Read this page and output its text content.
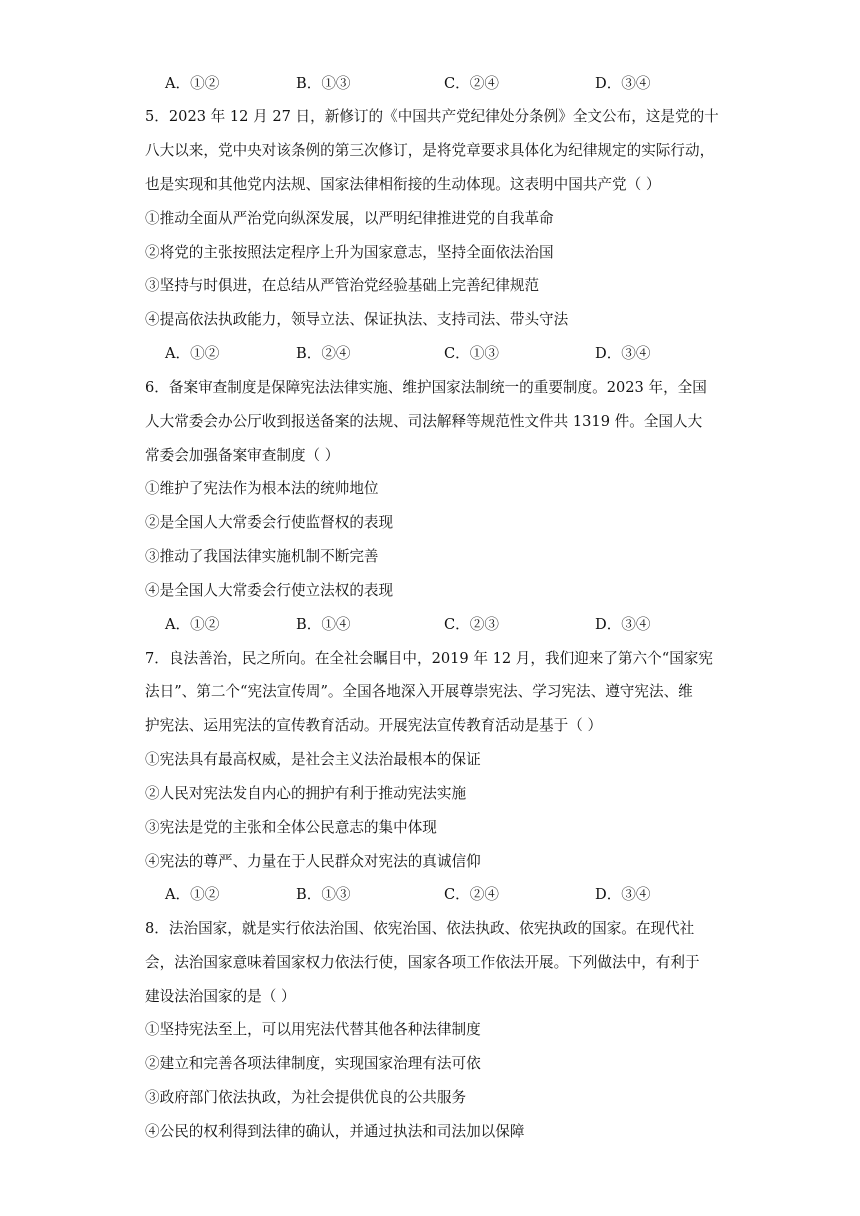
A．①②	B．①③	C．②④	D．③④
5．2023 年 12 月 27 日，新修订的《中国共产党纪律处分条例》全文公布，这是党的十
八大以来，党中央对该条例的第三次修订，是将党章要求具体化为纪律规定的实际行动，
也是实现和其他党内法规、国家法律相衔接的生动体现。这表明中国共产党（ ）
①推动全面从严治党向纵深发展，以严明纪律推进党的自我革命
②将党的主张按照法定程序上升为国家意志，坚持全面依法治国
③坚持与时俱进，在总结从严管治党经验基础上完善纪律规范
④提高依法执政能力，领导立法、保证执法、支持司法、带头守法
A．①②	B．②④	C．①③	D．③④
6．备案审查制度是保障宪法法律实施、维护国家法制统一的重要制度。2023 年，全国
人大常委会办公厅收到报送备案的法规、司法解释等规范性文件共 1319 件。全国人大
常委会加强备案审查制度（ ）
①维护了宪法作为根本法的统帅地位
②是全国人大常委会行使监督权的表现
③推动了我国法律实施机制不断完善
④是全国人大常委会行使立法权的表现
A．①②	B．①④	C．②③	D．③④
7．良法善治，民之所向。在全社会瞩目中，2019 年 12 月，我们迎来了第六个“国家宪
法日”、第二个“宪法宣传周”。全国各地深入开展尊崇宪法、学习宪法、遵守宪法、维
护宪法、运用宪法的宣传教育活动。开展宪法宣传教育活动是基于（ ）
①宪法具有最高权威，是社会主义法治最根本的保证
②人民对宪法发自内心的拥护有利于推动宪法实施
③宪法是党的主张和全体公民意志的集中体现
④宪法的尊严、力量在于人民群众对宪法的真诚信仰
A．①②	B．①③	C．②④	D．③④
8．法治国家，就是实行依法治国、依宪治国、依法执政、依宪执政的国家。在现代社
会，法治国家意味着国家权力依法行使，国家各项工作依法开展。下列做法中，有利于
建设法治国家的是（ ）
①坚持宪法至上，可以用宪法代替其他各种法律制度
②建立和完善各项法律制度，实现国家治理有法可依
③政府部门依法执政，为社会提供优良的公共服务
④公民的权利得到法律的确认，并通过执法和司法加以保障
